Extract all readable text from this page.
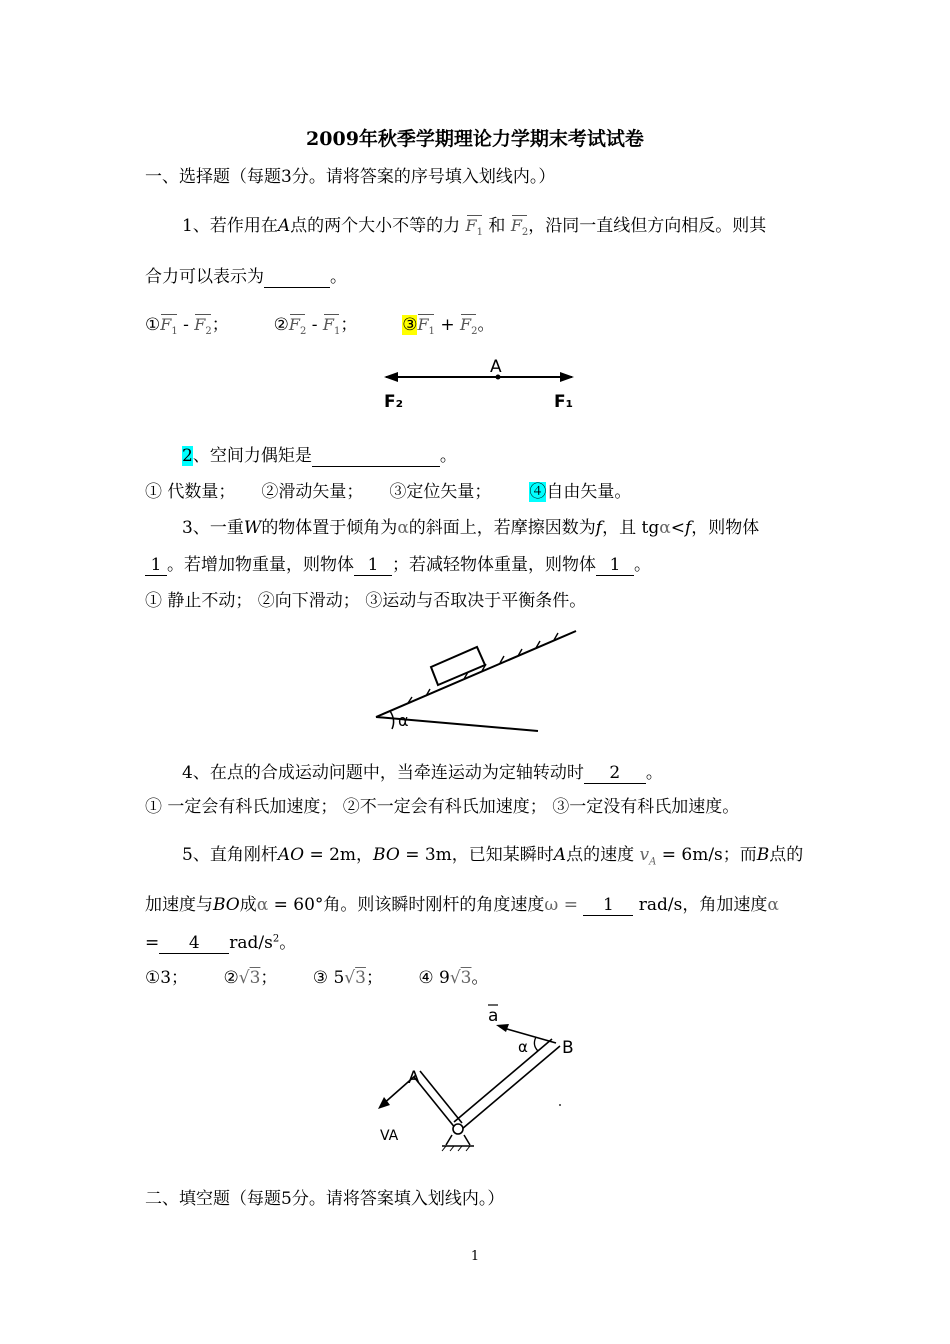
2009年秋季学期理论力学期末考试试卷
一、选择题（每题3分。请将答案的序号填入划线内。）
1、若作用在A点的两个大小不等的力 $F_1$ 和 $F_2$，沿同一直线但方向相反。则其
合力可以表示为	。
$①F_1 - F_2$；	$②F_2 - F_1$；	$③F_1 + F_2$。
A
F₂	F₁
2、空间力偶矩是	。
① 代数量； ②滑动矢量； ③定位矢量； ④自由矢量。
3、一重W的物体置于倾角为α的斜面上，若摩擦因数为f，且 tgα<f，则物体
1 。若增加物重量，则物体 1 ；若减轻物体重量，则物体 1 。
① 静止不动； ②向下滑动； ③运动与否取决于平衡条件。
α
4、在点的合成运动问题中，当牵连运动为定轴转动时 2 。
① 一定会有科氏加速度； ②不一定会有科氏加速度； ③一定没有科氏加速度。
5、直角刚杆AO = 2m，BO = 3m，已知某瞬时A点的速度 $v_A = 6m/s$；而B点的
加速度与BO成α = 60°角。则该瞬时刚杆的角度速度ω = 1 rad/s，角加速度α
= 4 rad/$s^2$。
①3； ②√3； ③ 5√3； ④ 9√3。
α B
a
A
VA
二、填空题（每题5分。请将答案填入划线内。）
1
